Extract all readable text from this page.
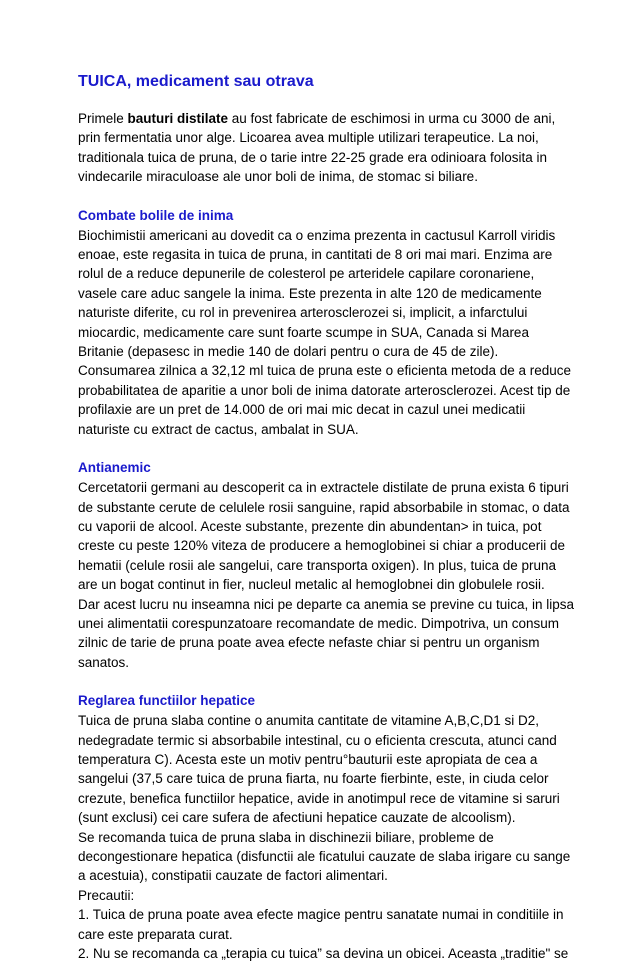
TUICA, medicament sau otrava

Primele bauturi distilate au fost fabricate de eschimosi in urma cu 3000 de ani, prin fermentatia unor alge. Licoarea avea multiple utilizari terapeutice. La noi, traditionala tuica de pruna, de o tarie intre 22-25 grade era odinioara folosita in vindecarile miraculoase ale unor boli de inima, de stomac si biliare.

Combate bolile de inima

Biochimistii americani au dovedit ca o enzima prezenta in cactusul Karroll viridis enoae, este regasita in tuica de pruna, in cantitati de 8 ori mai mari. Enzima are rolul de a reduce depunerile de colesterol pe arteridele capilare coronariene,

vasele care aduc sangele la inima. Este prezenta in alte 120 de medicamente naturiste diferite, cu rol in prevenirea arterosclerozei si, implicit, a infarctului miocardic, medicamente care sunt foarte scumpe in SUA, Canada si Marea Britanie (depasesc in medie 140 de dolari pentru o cura de 45 de zile). Consumarea zilnica a 32,12 ml tuica de pruna este o eficienta metoda de a reduce probabilitatea de aparitie a unor boli de inima datorate arterosclerozei. Acest tip de profilaxie are un pret de 14.000 de ori mai mic decat in cazul unei medicatii naturiste cu extract de cactus, ambalat in SUA.

Antianemic

Cercetatorii germani au descoperit ca in extractele distilate de pruna exista 6 tipuri de substante cerute de celulele rosii sanguine, rapid absorbabile in stomac, o data cu vaporii de alcool. Aceste substante, prezente din abundentan> in tuica, pot creste cu peste 120% viteza de producere a hemoglobinei si chiar a producerii de hematii (celule rosii ale sangelui, care transporta oxigen). In plus, tuica de pruna are un bogat continut in fier, nucleul metalic al hemoglobnei din globulele rosii.

Dar acest lucru nu inseamna nici pe departe ca anemia se previne cu tuica, in lipsa unei alimentatii corespunzatoare recomandate de medic. Dimpotriva, un consum zilnic de tarie de pruna poate avea efecte nefaste chiar si pentru un organism sanatos.

Reglarea functiilor hepatice

Tuica de pruna slaba contine o anumita cantitate de vitamine A,B,C,D1 si D2, nedegradate termic si absorbabile intestinal, cu o eficienta crescuta, atunci cand temperatura C). Acesta este un motiv pentru°bauturii este apropiata de cea a sangelui (37,5 care tuica de pruna fiarta, nu foarte fierbinte, este, in ciuda celor crezute, benefica functiilor hepatice, avide in anotimpul rece de vitamine si saruri (sunt exclusi) cei care sufera de afectiuni hepatice cauzate de alcoolism).

Se recomanda tuica de pruna slaba in dischinezii biliare, probleme de decongestionare hepatica (disfunctii ale ficatului cauzate de slaba irigare cu sange a acestuia), constipatii cauzate de factori alimentari.

Precautii:

1. Tuica de pruna poate avea efecte magice pentru sanatate numai in conditiile in care este preparata curat.

2. Nu se recomanda ca „terapia cu tuica” sa devina un obicei. Aceasta „traditie" se
